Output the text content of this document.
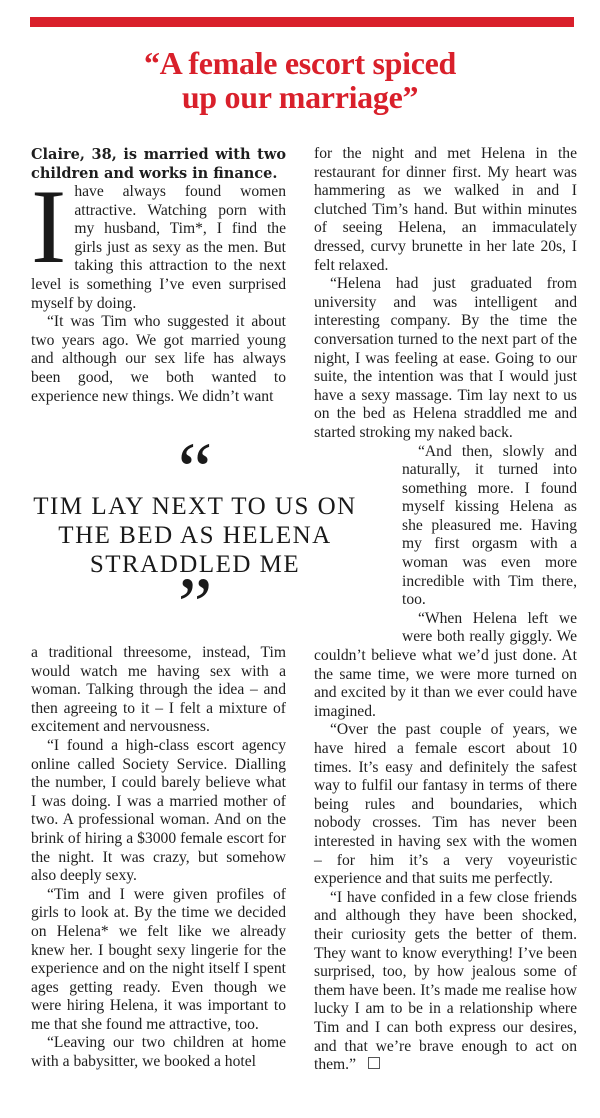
“A female escort spiced
up our marriage”

Claire, 38, is married with two children and works in finance.

I have always found women attractive. Watching porn with my husband, Tim*, I find the girls just as sexy as the men. But taking this attraction to the next level is something I’ve even surprised myself by doing.

“It was Tim who suggested it about two years ago. We got married young and although our sex life has always been good, we both wanted to experience new things. We didn’t want

“
TIM LAY NEXT TO US ON
THE BED AS HELENA
STRADDLED ME
”

a traditional threesome, instead, Tim would watch me having sex with a woman. Talking through the idea – and then agreeing to it – I felt a mixture of excitement and nervousness.

“I found a high-class escort agency online called Society Service. Dialling the number, I could barely believe what I was doing. I was a married mother of two. A professional woman. And on the brink of hiring a $3000 female escort for the night. It was crazy, but somehow also deeply sexy.

“Tim and I were given profiles of girls to look at. By the time we decided on Helena* we felt like we already knew her. I bought sexy lingerie for the experience and on the night itself I spent ages getting ready. Even though we were hiring Helena, it was important to me that she found me attractive, too.

“Leaving our two children at home with a babysitter, we booked a hotel

for the night and met Helena in the restaurant for dinner first. My heart was hammering as we walked in and I clutched Tim’s hand. But within minutes of seeing Helena, an immaculately dressed, curvy brunette in her late 20s, I felt relaxed.

“Helena had just graduated from university and was intelligent and interesting company. By the time the conversation turned to the next part of the night, I was feeling at ease. Going to our suite, the intention was that I would just have a sexy massage. Tim lay next to us on the bed as Helena straddled me and started stroking my naked back.

“And then, slowly and naturally, it turned into something more. I found myself kissing Helena as she pleasured me. Having my first orgasm with a woman was even more incredible with Tim there, too.

“When Helena left we were both really giggly. We couldn’t believe what we’d just done. At the same time, we were more turned on and excited by it than we ever could have imagined.

“Over the past couple of years, we have hired a female escort about 10 times. It’s easy and definitely the safest way to fulfil our fantasy in terms of there being rules and boundaries, which nobody crosses. Tim has never been interested in having sex with the women – for him it’s a very voyeuristic experience and that suits me perfectly.

“I have confided in a few close friends and although they have been shocked, their curiosity gets the better of them. They want to know everything! I’ve been surprised, too, by how jealous some of them have been. It’s made me realise how lucky I am to be in a relationship where Tim and I can both express our desires, and that we’re brave enough to act on them.”
